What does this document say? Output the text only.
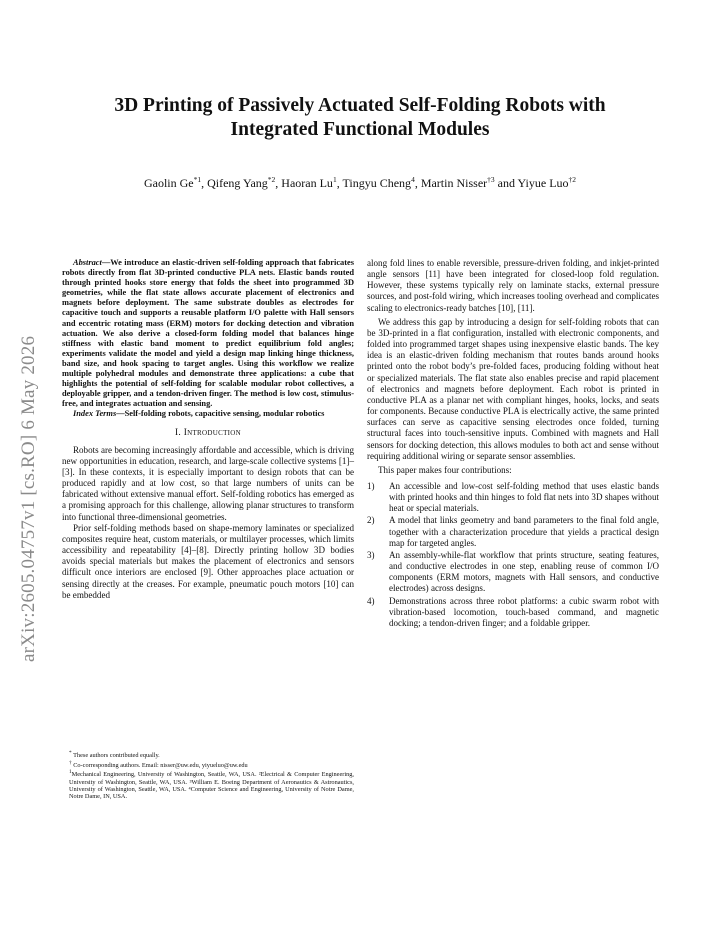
arXiv:2605.04757v1 [cs.RO] 6 May 2026
3D Printing of Passively Actuated Self-Folding Robots with
Integrated Functional Modules
Gaolin Ge$^{*1}$, Qifeng Yang$^{*2}$, Haoran Lu$^1$, Tingyu Cheng$^4$, Martin Nisser$^{\dagger 3}$ and Yiyue Luo$^{\dagger 2}$

Abstract—We introduce an elastic-driven self-folding approach that fabricates robots directly from flat 3D-printed conductive PLA nets. Elastic bands routed through printed hooks store energy that folds the sheet into programmed 3D geometries, while the flat state allows accurate placement of electronics and magnets before deployment. The same substrate doubles as electrodes for capacitive touch and supports a reusable platform I/O palette with Hall sensors and eccentric rotating mass (ERM) motors for docking detection and vibration actuation. We also derive a closed-form folding model that balances hinge stiffness with elastic band moment to predict equilibrium fold angles; experiments validate the model and yield a design map linking hinge thickness, band size, and hook spacing to target angles. Using this workflow we realize multiple polyhedral modules and demonstrate three applications: a cube that highlights the potential of self-folding for scalable modular robot collectives, a deployable gripper, and a tendon-driven finger. The method is low cost, stimulus-free, and integrates actuation and sensing.

Index Terms—Self-folding robots, capacitive sensing, modular robotics

I. Introduction

Robots are becoming increasingly affordable and accessible, which is driving new opportunities in education, research, and large-scale collective systems [1]–[3]. In these contexts, it is especially important to design robots that can be produced rapidly and at low cost, so that large numbers of units can be fabricated without extensive manual effort. Self-folding robotics has emerged as a promising approach for this challenge, allowing planar structures to transform into functional three-dimensional geometries.

Prior self-folding methods based on shape-memory laminates or specialized composites require heat, custom materials, or multilayer processes, which limits accessibility and repeatability [4]–[8]. Directly printing hollow 3D bodies avoids special materials but makes the placement of electronics and sensors difficult once interiors are enclosed [9]. Other approaches place actuation or sensing directly at the creases. For example, pneumatic pouch motors [10] can be embedded

* These authors contributed equally.

† Co-corresponding authors. Email: nisser@uw.edu, yiyueluo@uw.edu

$^1$Mechanical Engineering, University of Washington, Seattle, WA, USA. ²Electrical & Computer Engineering, University of Washington, Seattle, WA, USA. ³William E. Boeing Department of Aeronautics & Astronautics, University of Washington, Seattle, WA, USA. ⁴Computer Science and Engineering, University of Notre Dame, Notre Dame, IN, USA.

along fold lines to enable reversible, pressure-driven folding, and inkjet-printed angle sensors [11] have been integrated for closed-loop fold regulation. However, these systems typically rely on laminate stacks, external pressure sources, and post-fold wiring, which increases tooling overhead and complicates scaling to electronics-ready batches [10], [11].

We address this gap by introducing a design for self-folding robots that can be 3D-printed in a flat configuration, installed with electronic components, and folded into programmed target shapes using inexpensive elastic bands. The key idea is an elastic-driven folding mechanism that routes bands around hooks printed onto the robot body’s pre-folded faces, producing folding without heat or specialized materials. The flat state also enables precise and rapid placement of electronics and magnets before deployment. Each robot is printed in conductive PLA as a planar net with compliant hinges, hooks, locks, and seats for components. Because conductive PLA is electrically active, the same printed surfaces can serve as capacitive sensing electrodes once folded, turning structural faces into touch-sensitive inputs. Combined with magnets and Hall sensors for docking detection, this allows modules to both act and sense without requiring additional wiring or separate sensor assemblies.

This paper makes four contributions:

1) An accessible and low-cost self-folding method that uses elastic bands with printed hooks and thin hinges to fold flat nets into 3D shapes without heat or special materials.
2) A model that links geometry and band parameters to the final fold angle, together with a characterization procedure that yields a practical design map for targeted angles.
3) An assembly-while-flat workflow that prints structure, seating features, and conductive electrodes in one step, enabling reuse of common I/O components (ERM motors, magnets with Hall sensors, and conductive electrodes) across designs.
4) Demonstrations across three robot platforms: a cubic swarm robot with vibration-based locomotion, touch-based command, and magnetic docking; a tendon-driven finger; and a foldable gripper.
